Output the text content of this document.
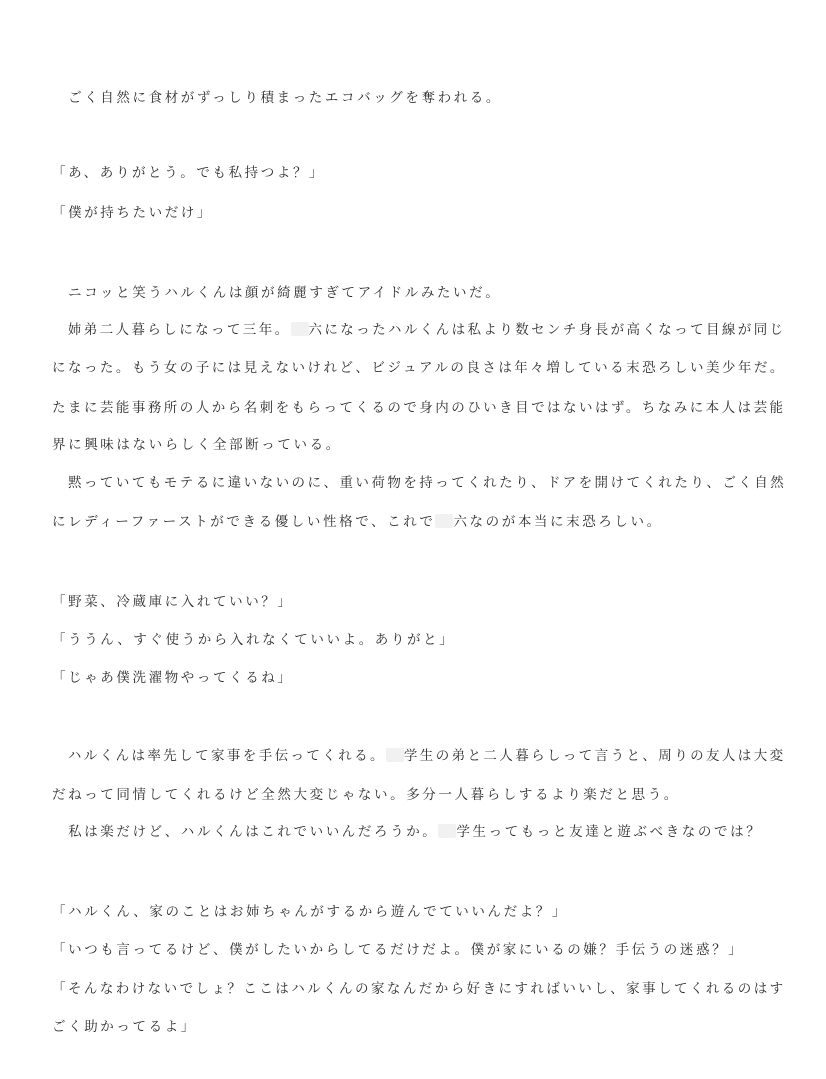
　ごく自然に食材がずっしり積まったエコバッグを奪われる。
「あ、ありがとう。でも私持つよ？」
「僕が持ちたいだけ」
　ニコッと笑うハルくんは顔が綺麗すぎてアイドルみたいだ。
　姉弟二人暮らしになって三年。 六になったハルくんは私より数センチ身長が高くなって目線が同じ
になった。もう女の子には見えないけれど、ビジュアルの良さは年々増している末恐ろしい美少年だ。
たまに芸能事務所の人から名刺をもらってくるので身内のひいき目ではないはず。ちなみに本人は芸能
界に興味はないらしく全部断っている。
　黙っていてもモテるに違いないのに、重い荷物を持ってくれたり、ドアを開けてくれたり、ごく自然
にレディーファーストができる優しい性格で、これで 六なのが本当に末恐ろしい。
「野菜、冷蔵庫に入れていい？」
「ううん、すぐ使うから入れなくていいよ。ありがと」
「じゃあ僕洗濯物やってくるね」
　ハルくんは率先して家事を手伝ってくれる。 学生の弟と二人暮らしって言うと、周りの友人は大変
だねって同情してくれるけど全然大変じゃない。多分一人暮らしするより楽だと思う。
　私は楽だけど、ハルくんはこれでいいんだろうか。 学生ってもっと友達と遊ぶべきなのでは？
「ハルくん、家のことはお姉ちゃんがするから遊んでていいんだよ？」
「いつも言ってるけど、僕がしたいからしてるだけだよ。僕が家にいるの嫌？手伝うの迷惑？」
「そんなわけないでしょ？ここはハルくんの家なんだから好きにすればいいし、家事してくれるのはす
ごく助かってるよ」
